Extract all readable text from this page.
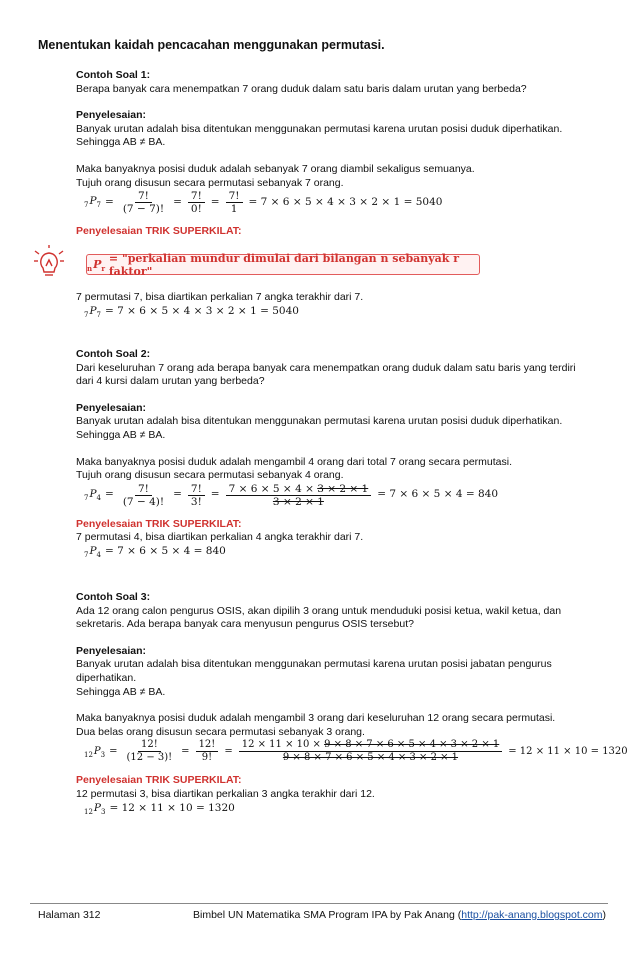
Menentukan kaidah pencacahan menggunakan permutasi.
Contoh Soal 1:
Berapa banyak cara menempatkan 7 orang duduk dalam satu baris dalam urutan yang berbeda?
Penyelesaian:
Banyak urutan adalah bisa ditentukan menggunakan permutasi karena urutan posisi duduk diperhatikan.
Sehingga AB ≠ BA.
Maka banyaknya posisi duduk adalah sebanyak 7 orang diambil sekaligus semuanya.
Tujuh orang disusun secara permutasi sebanyak 7 orang.
$_7P_7 = \frac{7!}{(7 - 7)!} = \frac{7!}{0!} = \frac{7!}{1} = 7 \times 6 \times 5 \times 4 \times 3 \times 2 \times 1 = 5040$
Penyelesaian TRIK SUPERKILAT:
$_nP_r$

= "perkalian mundur dimulai dari bilangan n sebanyak r faktor"
7 permutasi 7, bisa diartikan perkalian 7 angka terakhir dari 7.
$_7P_7 = 7 \times 6 \times 5 \times 4 \times 3 \times 2 \times 1 = 5040$
Contoh Soal 2:
Dari keseluruhan 7 orang ada berapa banyak cara menempatkan orang duduk dalam satu baris yang terdiri
dari 4 kursi dalam urutan yang berbeda?
Penyelesaian:
Banyak urutan adalah bisa ditentukan menggunakan permutasi karena urutan posisi duduk diperhatikan.
Sehingga AB ≠ BA.
Maka banyaknya posisi duduk adalah mengambil 4 orang dari total 7 orang secara permutasi.
Tujuh orang disusun secara permutasi sebanyak 4 orang.
$_7P_4 = \frac{7!}{(7 - 4)!} = \frac{7!}{3!} = \frac{7 \times 6 \times 5 \times 4 \times 3 \times 2 \times 1}{3 \times 2 \times 1} = 7 \times 6 \times 5 \times 4 = 840$
Penyelesaian TRIK SUPERKILAT:
7 permutasi 4, bisa diartikan perkalian 4 angka terakhir dari 7.
$_7P_4 = 7 \times 6 \times 5 \times 4 = 840$
Contoh Soal 3:
Ada 12 orang calon pengurus OSIS, akan dipilih 3 orang untuk menduduki posisi ketua, wakil ketua, dan
sekretaris. Ada berapa banyak cara menyusun pengurus OSIS tersebut?
Penyelesaian:
Banyak urutan adalah bisa ditentukan menggunakan permutasi karena urutan posisi jabatan pengurus
diperhatikan.
Sehingga AB ≠ BA.
Maka banyaknya posisi duduk adalah mengambil 3 orang dari keseluruhan 12 orang secara permutasi.
Dua belas orang disusun secara permutasi sebanyak 3 orang.
$_{12}P_3 = \frac{12!}{(12 - 3)!} = \frac{12!}{9!} = \frac{12 \times 11 \times 10 \times 9 \times 8 \times 7 \times 6 \times 5 \times 4 \times 3 \times 2 \times 1}{9 \times 8 \times 7 \times 6 \times 5 \times 4 \times 3 \times 2 \times 1} = 12 \times 11 \times 10 = 1320$
Penyelesaian TRIK SUPERKILAT:
12 permutasi 3, bisa diartikan perkalian 3 angka terakhir dari 12.
$_{12}P_3 = 12 \times 11 \times 10 = 1320$
Halaman 312	Bimbel UN Matematika SMA Program IPA by Pak Anang (http://pak-anang.blogspot.com)
